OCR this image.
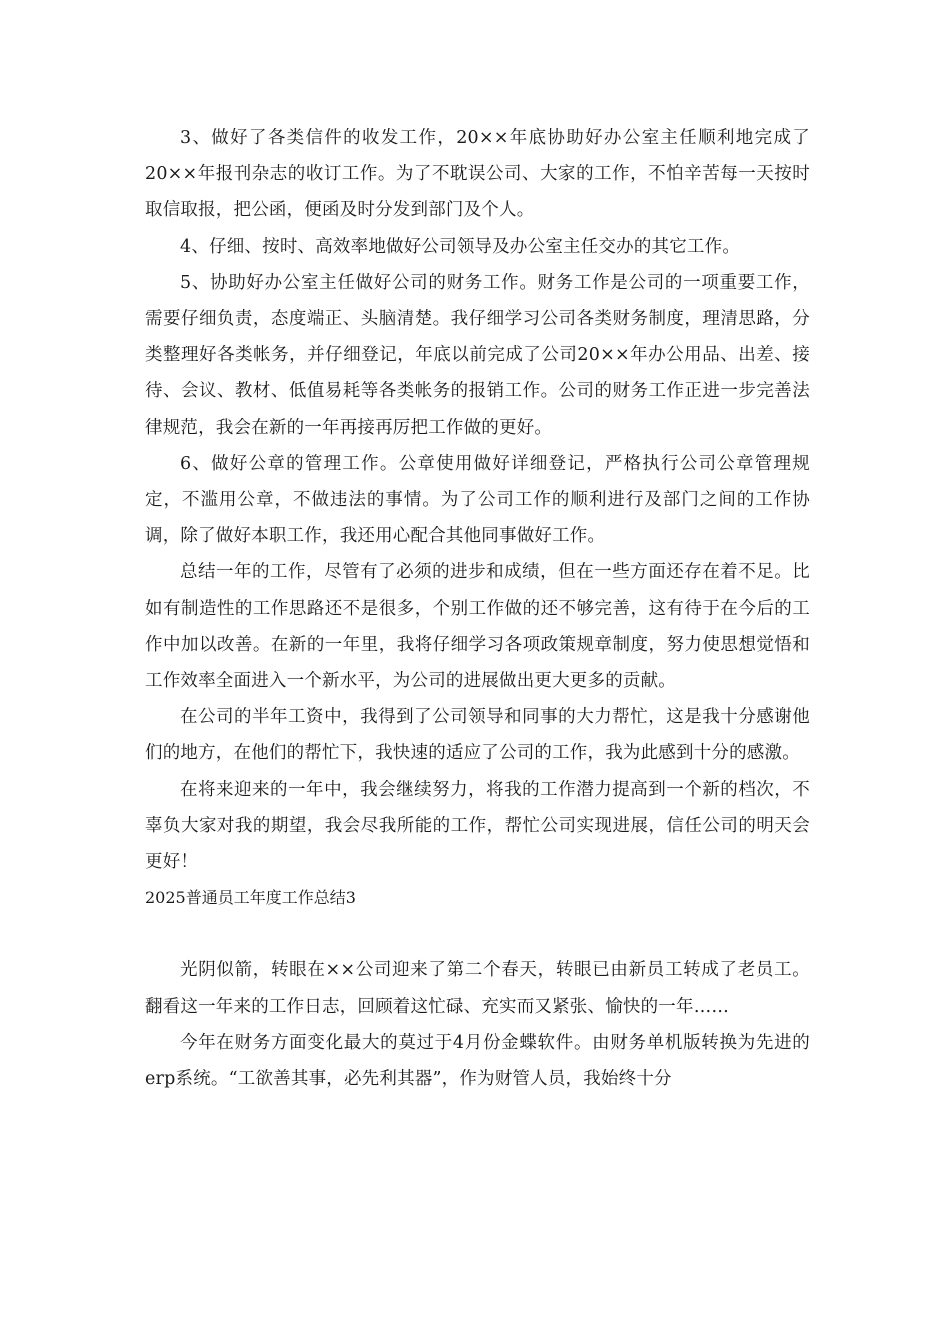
3、做好了各类信件的收发工作，20××年底协助好办公室主任顺利地完成了20××年报刊杂志的收订工作。为了不耽误公司、大家的工作，不怕辛苦每一天按时取信取报，把公函，便函及时分发到部门及个人。

4、仔细、按时、高效率地做好公司领导及办公室主任交办的其它工作。

5、协助好办公室主任做好公司的财务工作。财务工作是公司的一项重要工作，需要仔细负责，态度端正、头脑清楚。我仔细学习公司各类财务制度，理清思路，分类整理好各类帐务，并仔细登记，年底以前完成了公司20××年办公用品、出差、接待、会议、教材、低值易耗等各类帐务的报销工作。公司的财务工作正进一步完善法律规范，我会在新的一年再接再厉把工作做的更好。

6、做好公章的管理工作。公章使用做好详细登记，严格执行公司公章管理规定，不滥用公章，不做违法的事情。为了公司工作的顺利进行及部门之间的工作协调，除了做好本职工作，我还用心配合其他同事做好工作。

总结一年的工作，尽管有了必须的进步和成绩，但在一些方面还存在着不足。比如有制造性的工作思路还不是很多，个别工作做的还不够完善，这有待于在今后的工作中加以改善。在新的一年里，我将仔细学习各项政策规章制度，努力使思想觉悟和工作效率全面进入一个新水平，为公司的进展做出更大更多的贡献。

在公司的半年工资中，我得到了公司领导和同事的大力帮忙，这是我十分感谢他们的地方，在他们的帮忙下，我快速的适应了公司的工作，我为此感到十分的感激。

在将来迎来的一年中，我会继续努力，将我的工作潜力提高到一个新的档次，不辜负大家对我的期望，我会尽我所能的工作，帮忙公司实现进展，信任公司的明天会更好！

2025普通员工年度工作总结3

光阴似箭，转眼在××公司迎来了第二个春天，转眼已由新员工转成了老员工。翻看这一年来的工作日志，回顾着这忙碌、充实而又紧张、愉快的一年……

今年在财务方面变化最大的莫过于4月份金蝶软件。由财务单机版转换为先进的erp系统。“工欲善其事，必先利其器”，作为财管人员，我始终十分
